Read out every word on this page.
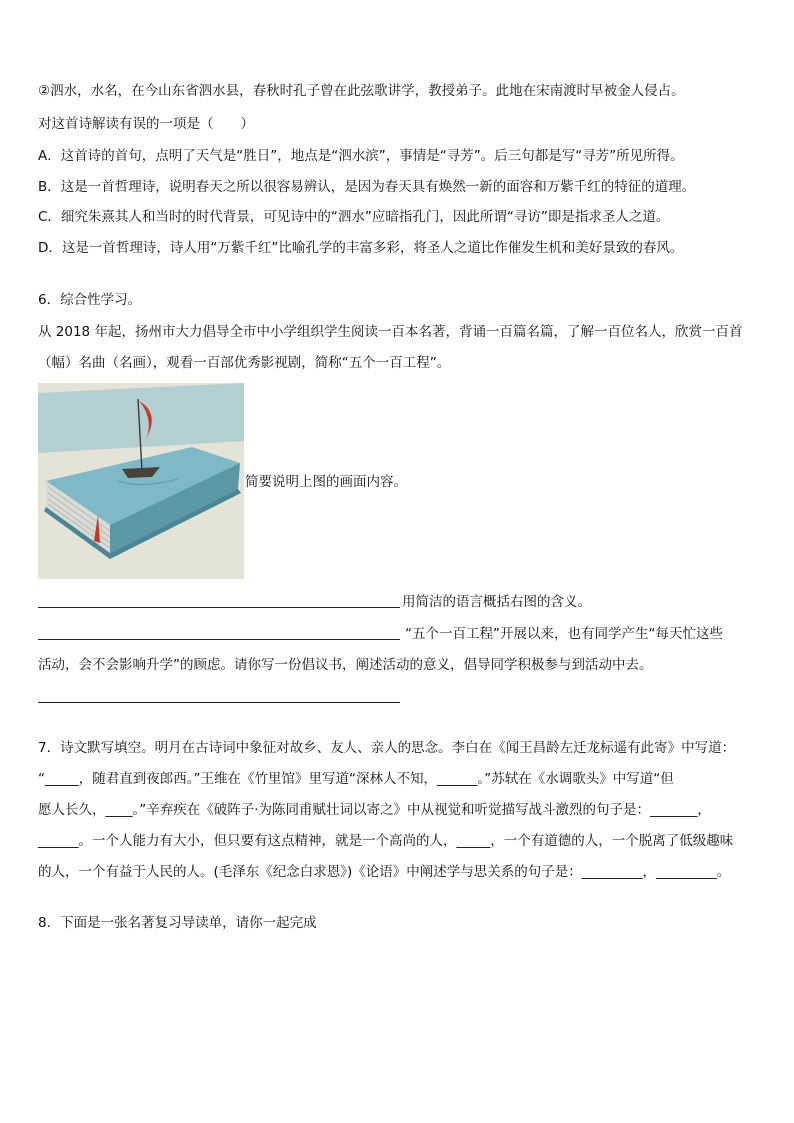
②泗水，水名，在今山东省泗水县，春秋时孔子曾在此弦歌讲学，教授弟子。此地在宋南渡时早被金人侵占。
对这首诗解读有误的一项是（　　）
A．这首诗的首句，点明了天气是“胜日”，地点是“泗水滨”，事情是“寻芳”。后三句都是写“寻芳”所见所得。
B．这是一首哲理诗，说明春天之所以很容易辨认，是因为春天具有焕然一新的面容和万紫千红的特征的道理。
C．细究朱熹其人和当时的时代背景，可见诗中的“泗水”应暗指孔门，因此所谓“寻访”即是指求圣人之道。
D．这是一首哲理诗，诗人用“万紫千红”比喻孔学的丰富多彩，将圣人之道比作催发生机和美好景致的春风。
6．综合性学习。
从 2018 年起，扬州市大力倡导全市中小学组织学生阅读一百本名著，背诵一百篇名篇，了解一百位名人，欣赏一百首
（幅）名曲（名画），观看一百部优秀影视剧，简称“五个一百工程”。
简要说明上图的画面内容。
用简洁的语言概括右图的含义。
“五个一百工程”开展以来，也有同学产生“每天忙这些
活动，会不会影响升学”的顾虑。请你写一份倡议书，阐述活动的意义，倡导同学积极参与到活动中去。
7．诗文默写填空。明月在古诗词中象征对故乡、友人、亲人的思念。李白在《闻王昌龄左迁龙标遥有此寄》中写道：
“_____，随君直到夜郎西。”王维在《竹里馆》里写道“深林人不知，______。”苏轼在《水调歌头》中写道“但
愿人长久，____。”辛弃疾在《破阵子·为陈同甫赋壮词以寄之》中从视觉和听觉描写战斗激烈的句子是：_______，
______。一个人能力有大小，但只要有这点精神，就是一个高尚的人，_____，一个有道德的人，一个脱离了低级趣味
的人，一个有益于人民的人。(毛泽东《纪念白求恩》)《论语》中阐述学与思关系的句子是：_________，_________。
8．下面是一张名著复习导读单，请你一起完成
